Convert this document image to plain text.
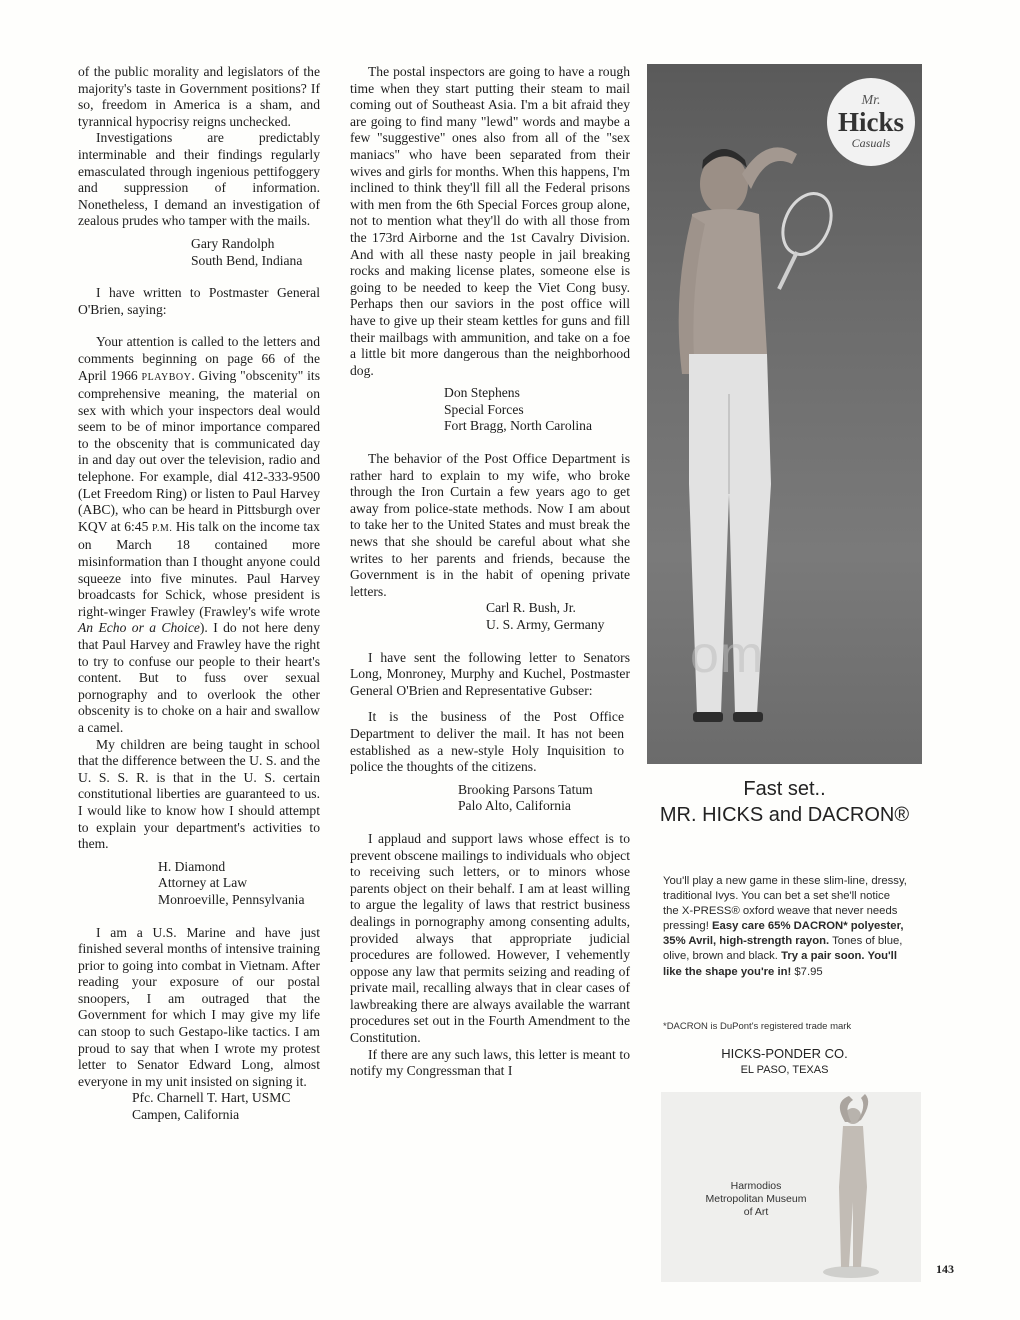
of the public morality and legislators of the majority's taste in Government positions? If so, freedom in America is a sham, and tyrannical hypocrisy reigns unchecked.

Investigations are predictably interminable and their findings regularly emasculated through ingenious pettifoggery and suppression of information. Nonetheless, I demand an investigation of zealous prudes who tamper with the mails.

Gary Randolph
South Bend, Indiana

I have written to Postmaster General O'Brien, saying:

Your attention is called to the letters and comments beginning on page 66 of the April 1966 PLAYBOY. Giving "obscenity" its comprehensive meaning, the material on sex with which your inspectors deal would seem to be of minor importance compared to the obscenity that is communicated day in and day out over the television, radio and telephone. For example, dial 412-333-9500 (Let Freedom Ring) or listen to Paul Harvey (ABC), who can be heard in Pittsburgh over KQV at 6:45 P.M. His talk on the income tax on March 18 contained more misinformation than I thought anyone could squeeze into five minutes. Paul Harvey broadcasts for Schick, whose president is right-winger Frawley (Frawley's wife wrote An Echo or a Choice). I do not here deny that Paul Harvey and Frawley have the right to try to confuse our people to their heart's content. But to fuss over sexual pornography and to overlook the other obscenity is to choke on a hair and swallow a camel.

My children are being taught in school that the difference between the U. S. and the U. S. S. R. is that in the U. S. certain constitutional liberties are guaranteed to us. I would like to know how I should attempt to explain your department's activities to them.

H. Diamond
Attorney at Law
Monroeville, Pennsylvania

I am a U.S. Marine and have just finished several months of intensive training prior to going into combat in Vietnam. After reading your exposure of our postal snoopers, I am outraged that the Government for which I may give my life can stoop to such Gestapo-like tactics. I am proud to say that when I wrote my protest letter to Senator Edward Long, almost everyone in my unit insisted on signing it.

Pfc. Charnell T. Hart, USMC
Campen, California

The postal inspectors are going to have a rough time when they start putting their steam to mail coming out of Southeast Asia. I'm a bit afraid they are going to find many "lewd" words and maybe a few "suggestive" ones also from all of the "sex maniacs" who have been separated from their wives and girls for months. When this happens, I'm inclined to think they'll fill all the Federal prisons with men from the 6th Special Forces group alone, not to mention what they'll do with all those from the 173rd Airborne and the 1st Cavalry Division. And with all these nasty people in jail breaking rocks and making license plates, someone else is going to be needed to keep the Viet Cong busy. Perhaps then our saviors in the post office will have to give up their steam kettles for guns and fill their mailbags with ammunition, and take on a foe a little bit more dangerous than the neighborhood dog.

Don Stephens
Special Forces
Fort Bragg, North Carolina

The behavior of the Post Office Department is rather hard to explain to my wife, who broke through the Iron Curtain a few years ago to get away from police-state methods. Now I am about to take her to the United States and must break the news that she should be careful about what she writes to her parents and friends, because the Government is in the habit of opening private letters.

Carl R. Bush, Jr.
U. S. Army, Germany

I have sent the following letter to Senators Long, Monroney, Murphy and Kuchel, Postmaster General O'Brien and Representative Gubser:

It is the business of the Post Office Department to deliver the mail. It has not been established as a new-style Holy Inquisition to police the thoughts of the citizens.

Brooking Parsons Tatum
Palo Alto, California

I applaud and support laws whose effect is to prevent obscene mailings to individuals who object to receiving such letters, or to minors whose parents object on their behalf. I am at least willing to argue the legality of laws that restrict business dealings in pornography among consenting adults, provided always that appropriate judicial procedures are followed. However, I vehemently oppose any law that permits seizing and reading of private mail, recalling always that in clear cases of lawbreaking there are always available the warrant procedures set out in the Fourth Amendment to the Constitution.

If there are any such laws, this letter is meant to notify my Congressman that I

Mr.
Hicks
Casuals
Fast set..
MR. HICKS and DACRON®
You'll play a new game in these slim-line, dressy, traditional Ivys. You can bet a set she'll notice the X-PRESS® oxford weave that never needs pressing! Easy care 65% DACRON* polyester, 35% Avril, high-strength rayon. Tones of blue, olive, brown and black. Try a pair soon. You'll like the shape you're in! $7.95
*DACRON is DuPont's registered trade mark
HICKS-PONDER CO.
EL PASO, TEXAS
Harmodios
Metropolitan Museum
of Art
om
143
